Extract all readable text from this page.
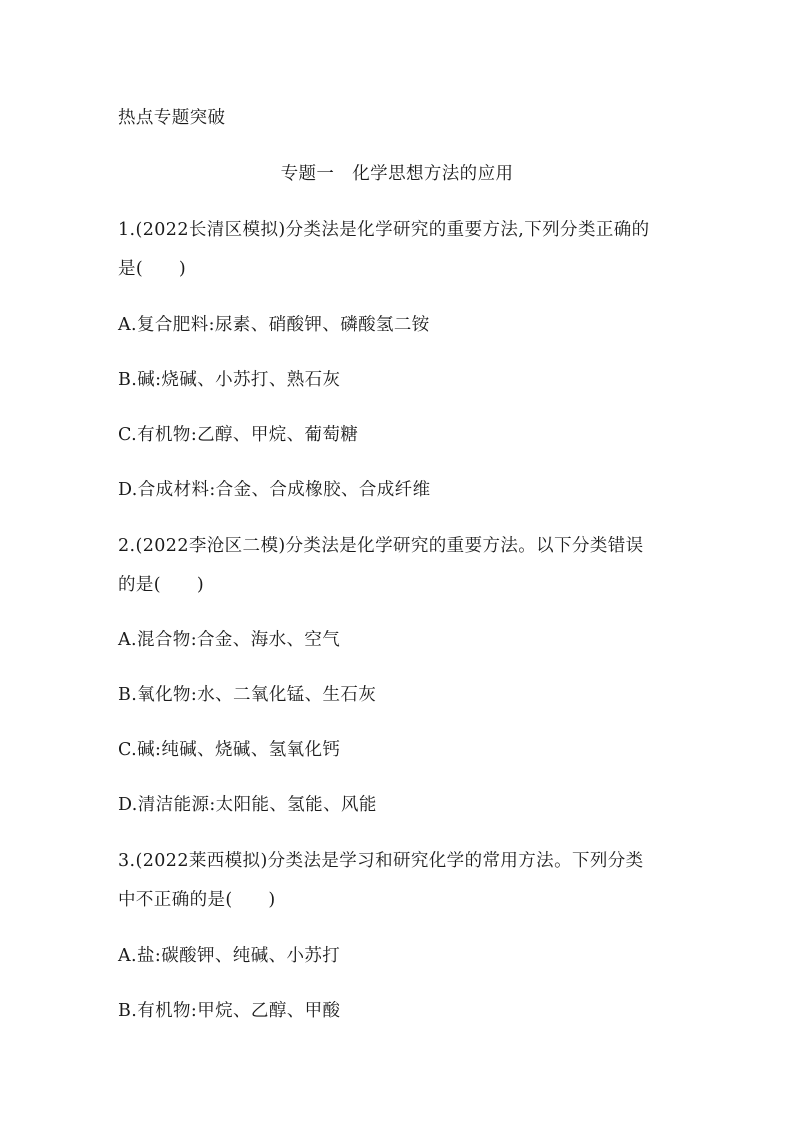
热点专题突破
专题一 化学思想方法的应用
1.(2022长清区模拟)分类法是化学研究的重要方法,下列分类正确的
是(　　)
A.复合肥料:尿素、硝酸钾、磷酸氢二铵
B.碱:烧碱、小苏打、熟石灰
C.有机物:乙醇、甲烷、葡萄糖
D.合成材料:合金、合成橡胶、合成纤维
2.(2022李沧区二模)分类法是化学研究的重要方法。以下分类错误
的是(　　)
A.混合物:合金、海水、空气
B.氧化物:水、二氧化锰、生石灰
C.碱:纯碱、烧碱、氢氧化钙
D.清洁能源:太阳能、氢能、风能
3.(2022莱西模拟)分类法是学习和研究化学的常用方法。下列分类
中不正确的是(　　)
A.盐:碳酸钾、纯碱、小苏打
B.有机物:甲烷、乙醇、甲酸
